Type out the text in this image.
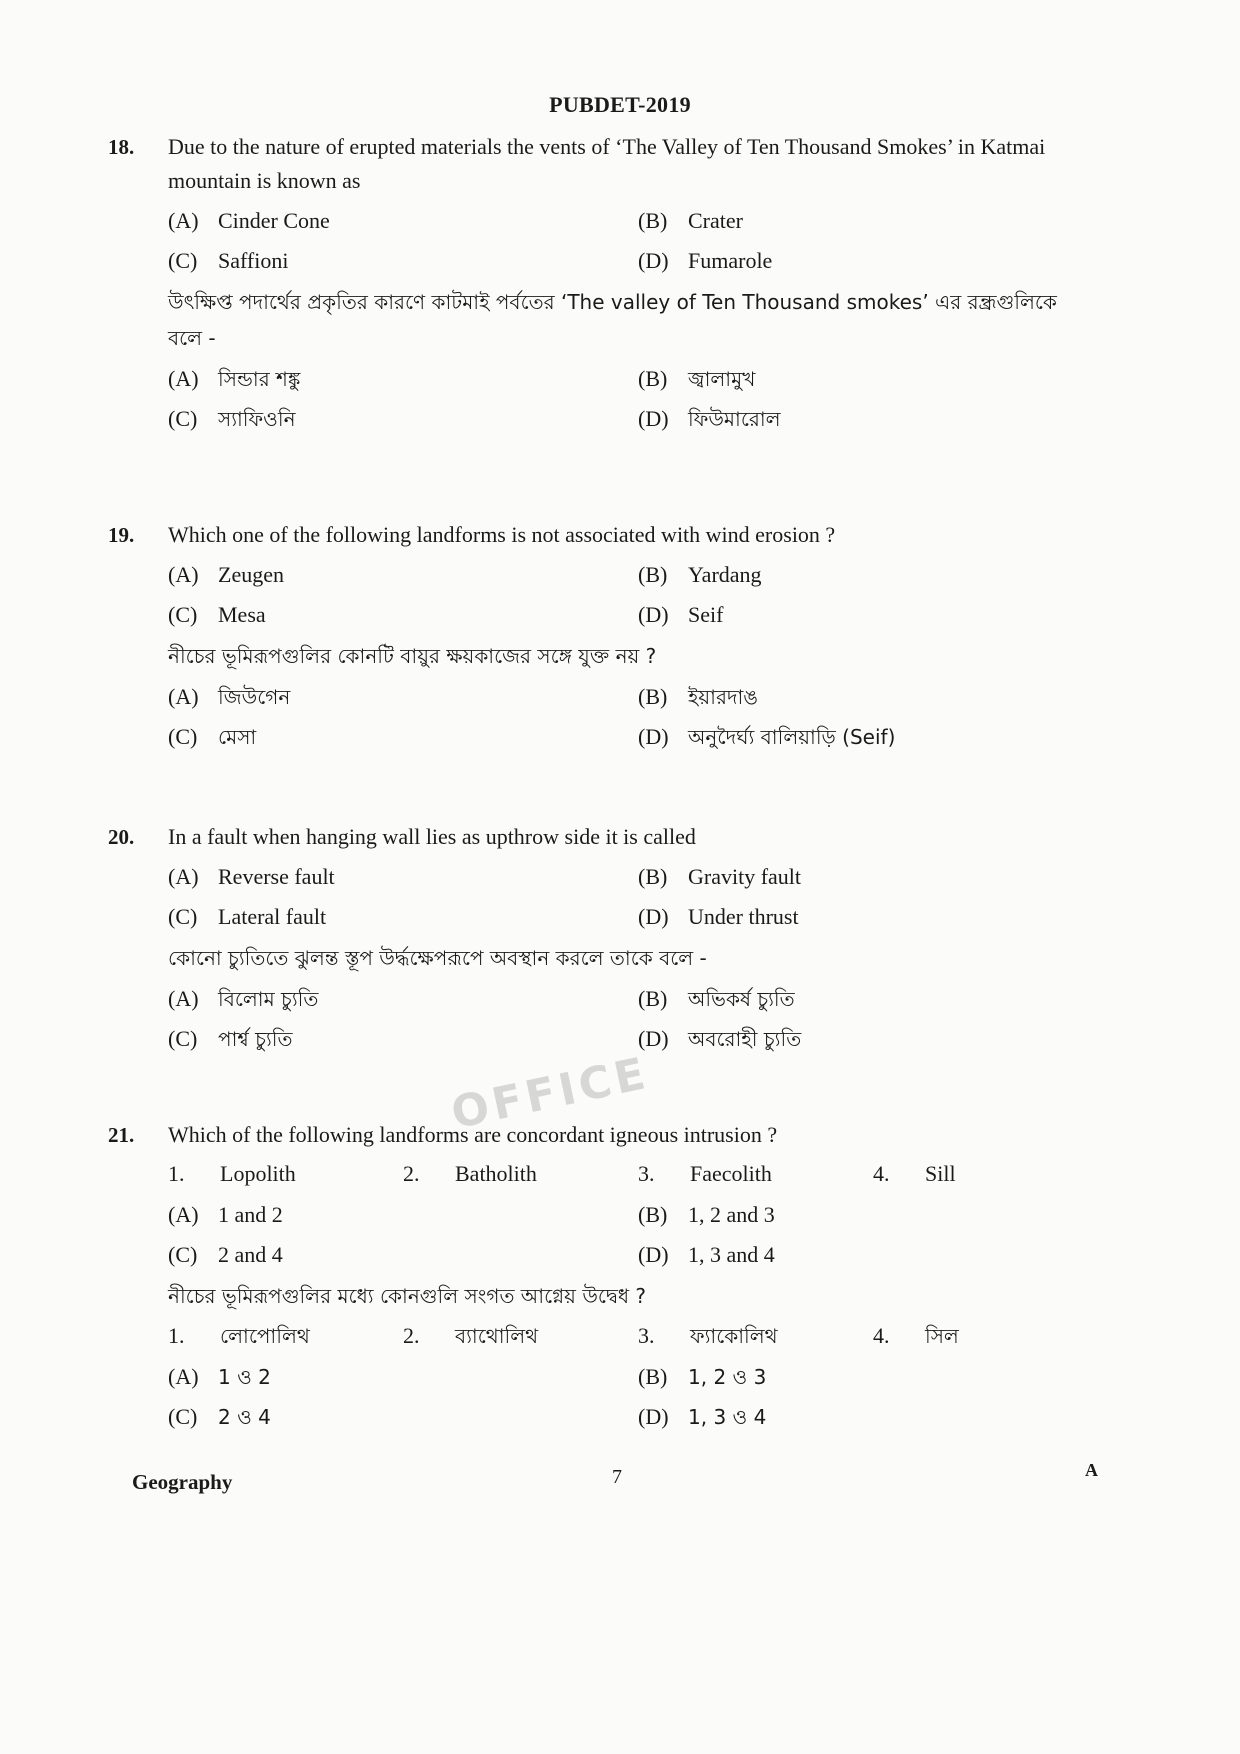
PUBDET-2019
18. Due to the nature of erupted materials the vents of ‘The Valley of Ten Thousand Smokes’ in Katmai mountain is known as
(A) Cinder Cone	(B) Crater
(C) Saffioni	(D) Fumarole
উৎক্ষিপ্ত পদার্থের প্রকৃতির কারণে কাটমাই পর্বতের ‘The valley of Ten Thousand smokes’ এর রন্ধ্রগুলিকে বলে -
(A) সিন্ডার শঙ্কু	(B) জ্বালামুখ
(C) স্যাফিওনি	(D) ফিউমারোল
19. Which one of the following landforms is not associated with wind erosion ?
(A) Zeugen	(B) Yardang
(C) Mesa	(D) Seif
নীচের ভূমিরূপগুলির কোনটি বায়ুর ক্ষয়কাজের সঙ্গে যুক্ত নয় ?
(A) জিউগেন	(B) ইয়ারদাঙ
(C) মেসা	(D) অনুদৈর্ঘ্য বালিয়াড়ি (Seif)
20. In a fault when hanging wall lies as upthrow side it is called
(A) Reverse fault	(B) Gravity fault
(C) Lateral fault	(D) Under thrust
কোনো চ্যুতিতে ঝুলন্ত স্তূপ উর্দ্ধক্ষেপরূপে অবস্থান করলে তাকে বলে -
(A) বিলোম চ্যুতি	(B) অভিকর্ষ চ্যুতি
(C) পার্শ্ব চ্যুতি	(D) অবরোহী চ্যুতি
OFFICE
21. Which of the following landforms are concordant igneous intrusion ?
1. Lopolith	2. Batholith	3. Faecolith	4. Sill
(A) 1 and 2	(B) 1, 2 and 3
(C) 2 and 4	(D) 1, 3 and 4
নীচের ভূমিরূপগুলির মধ্যে কোনগুলি সংগত আগ্নেয় উদ্বেধ ?
1. লোপোলিথ	2. ব্যাথোলিথ	3. ফ্যাকোলিথ	4. সিল
(A) 1 ও 2	(B) 1, 2 ও 3
(C) 2 ও 4	(D) 1, 3 ও 4
Geography	7	A
